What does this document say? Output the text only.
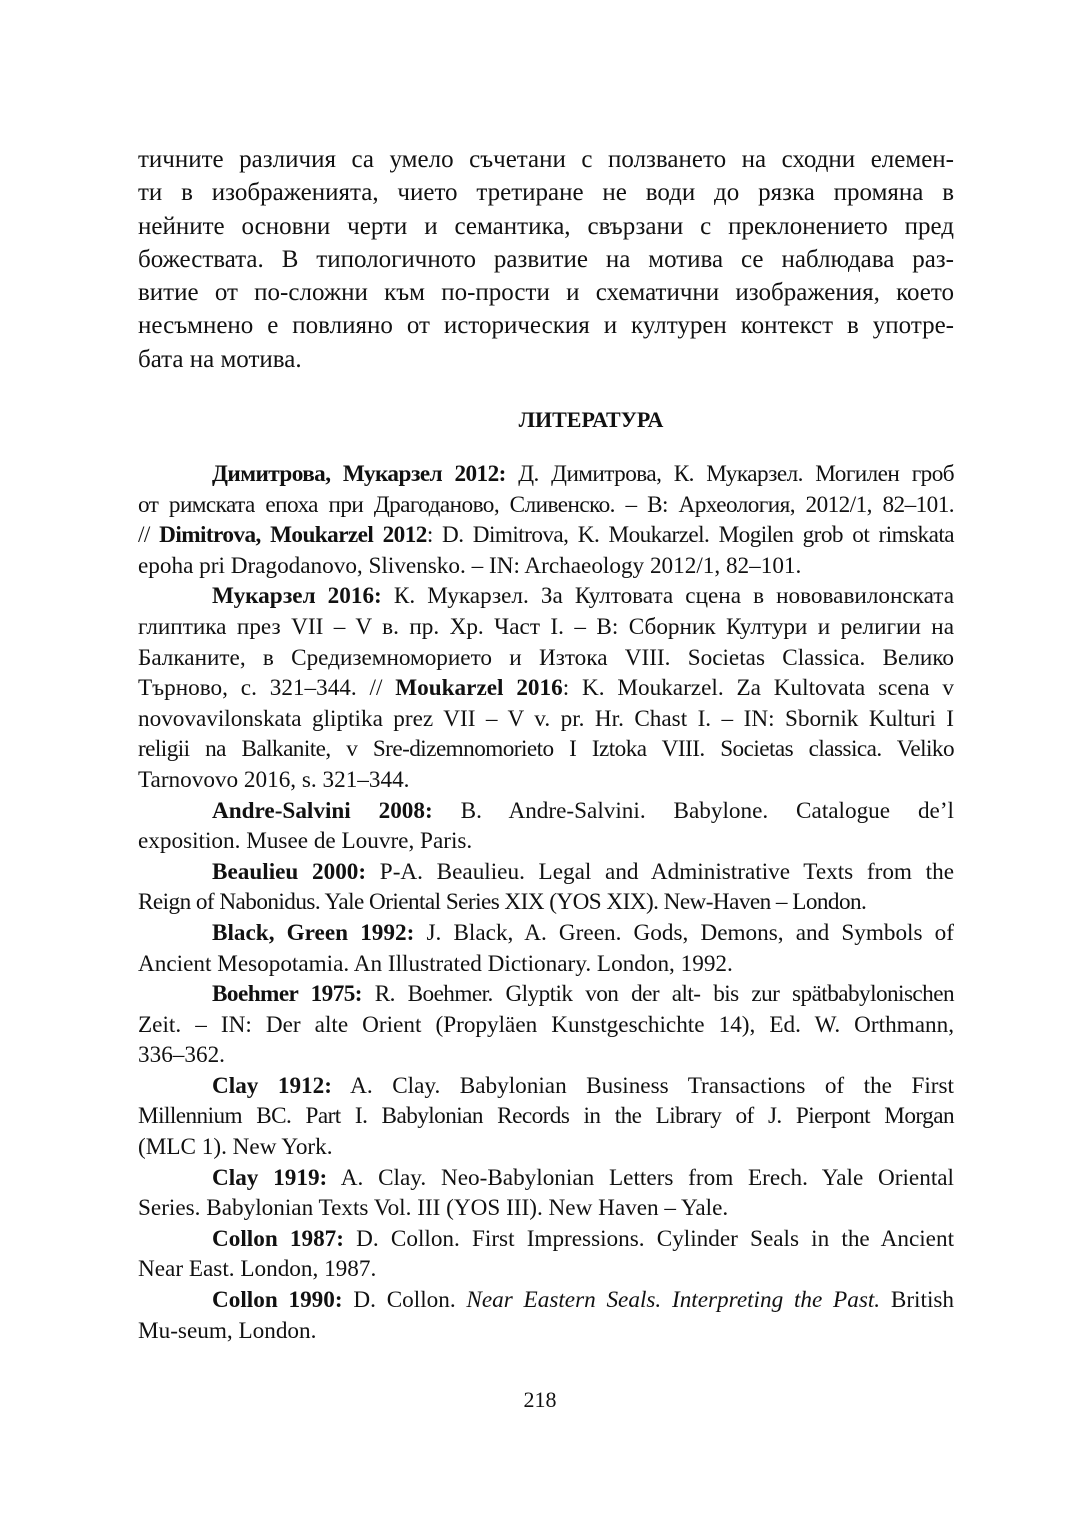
тичните различия са умело съчетани с ползването на сходни елемен-
ти в изображенията, чието третиране не води до рязка промяна в
нейните основни черти и семантика, свързани с преклонението пред
божествата. В типологичното развитие на мотива се наблюдава раз-
витие от по-сложни към по-прости и схематични изображения, което
несъмнено е повлияно от историческия и културен контекст в употре-
бата на мотива.

ЛИТЕРАТУРА

Димитрова, Мукарзел 2012: Д. Димитрова, К. Мукарзел. Могилен гроб
от римската епоха при Драгоданово, Сливенско. – В: Археология, 2012/1, 82–101.
// Dimitrova, Moukarzel 2012: D. Dimitrova, K. Moukarzel. Mogilen grob ot rimskata
epoha pri Dragodanovo, Slivensko. – IN: Archaeology 2012/1, 82–101.

Мукарзел 2016: К. Мукарзел. За Култовата сцена в нововавилонската
глиптика през VII – V в. пр. Хр. Част I. – В: Сборник Култури и религии на
Балканите, в Средиземноморието и Изтока VIII. Societas Classica. Велико
Търново, с. 321–344. // Moukarzel 2016: K. Moukarzel. Za Kultovata scena v
novovavilonskata gliptika prez VII – V v. pr. Hr. Chast I. – IN: Sbornik Kulturi I
religii na Balkanite, v Sre-dizemnomorieto I Iztoka VIII. Societas classica. Veliko
Tarnovovo 2016, s. 321–344.

Andre-Salvini 2008: B. Andre-Salvini. Babylone. Catalogue de’l
exposition. Musee de Louvre, Paris.

Beaulieu 2000: P-A. Beaulieu. Legal and Administrative Texts from the
Reign of Nabonidus. Yale Oriental Series XIX (YOS XIX). New-Haven – London.

Black, Green 1992: J. Black, A. Green. Gods, Demons, and Symbols of
Ancient Mesopotamia. An Illustrated Dictionary. London, 1992.

Boehmer 1975: R. Boehmer. Glyptik von der alt- bis zur spätbabylonischen
Zeit. – IN: Der alte Orient (Propyläen Kunstgeschichte 14), Ed. W. Orthmann,
336–362.

Clay 1912: A. Clay. Babylonian Business Transactions of the First
Millennium BC. Part I. Babylonian Records in the Library of J. Pierpont Morgan
(MLC 1). New York.

Clay 1919: A. Clay. Neo-Babylonian Letters from Erech. Yale Oriental
Series. Babylonian Texts Vol. III (YOS III). New Haven – Yale.

Collon 1987: D. Collon. First Impressions. Cylinder Seals in the Ancient
Near East. London, 1987.

Collon 1990: D. Collon. Near Eastern Seals. Interpreting the Past. British
Mu-seum, London.

218
